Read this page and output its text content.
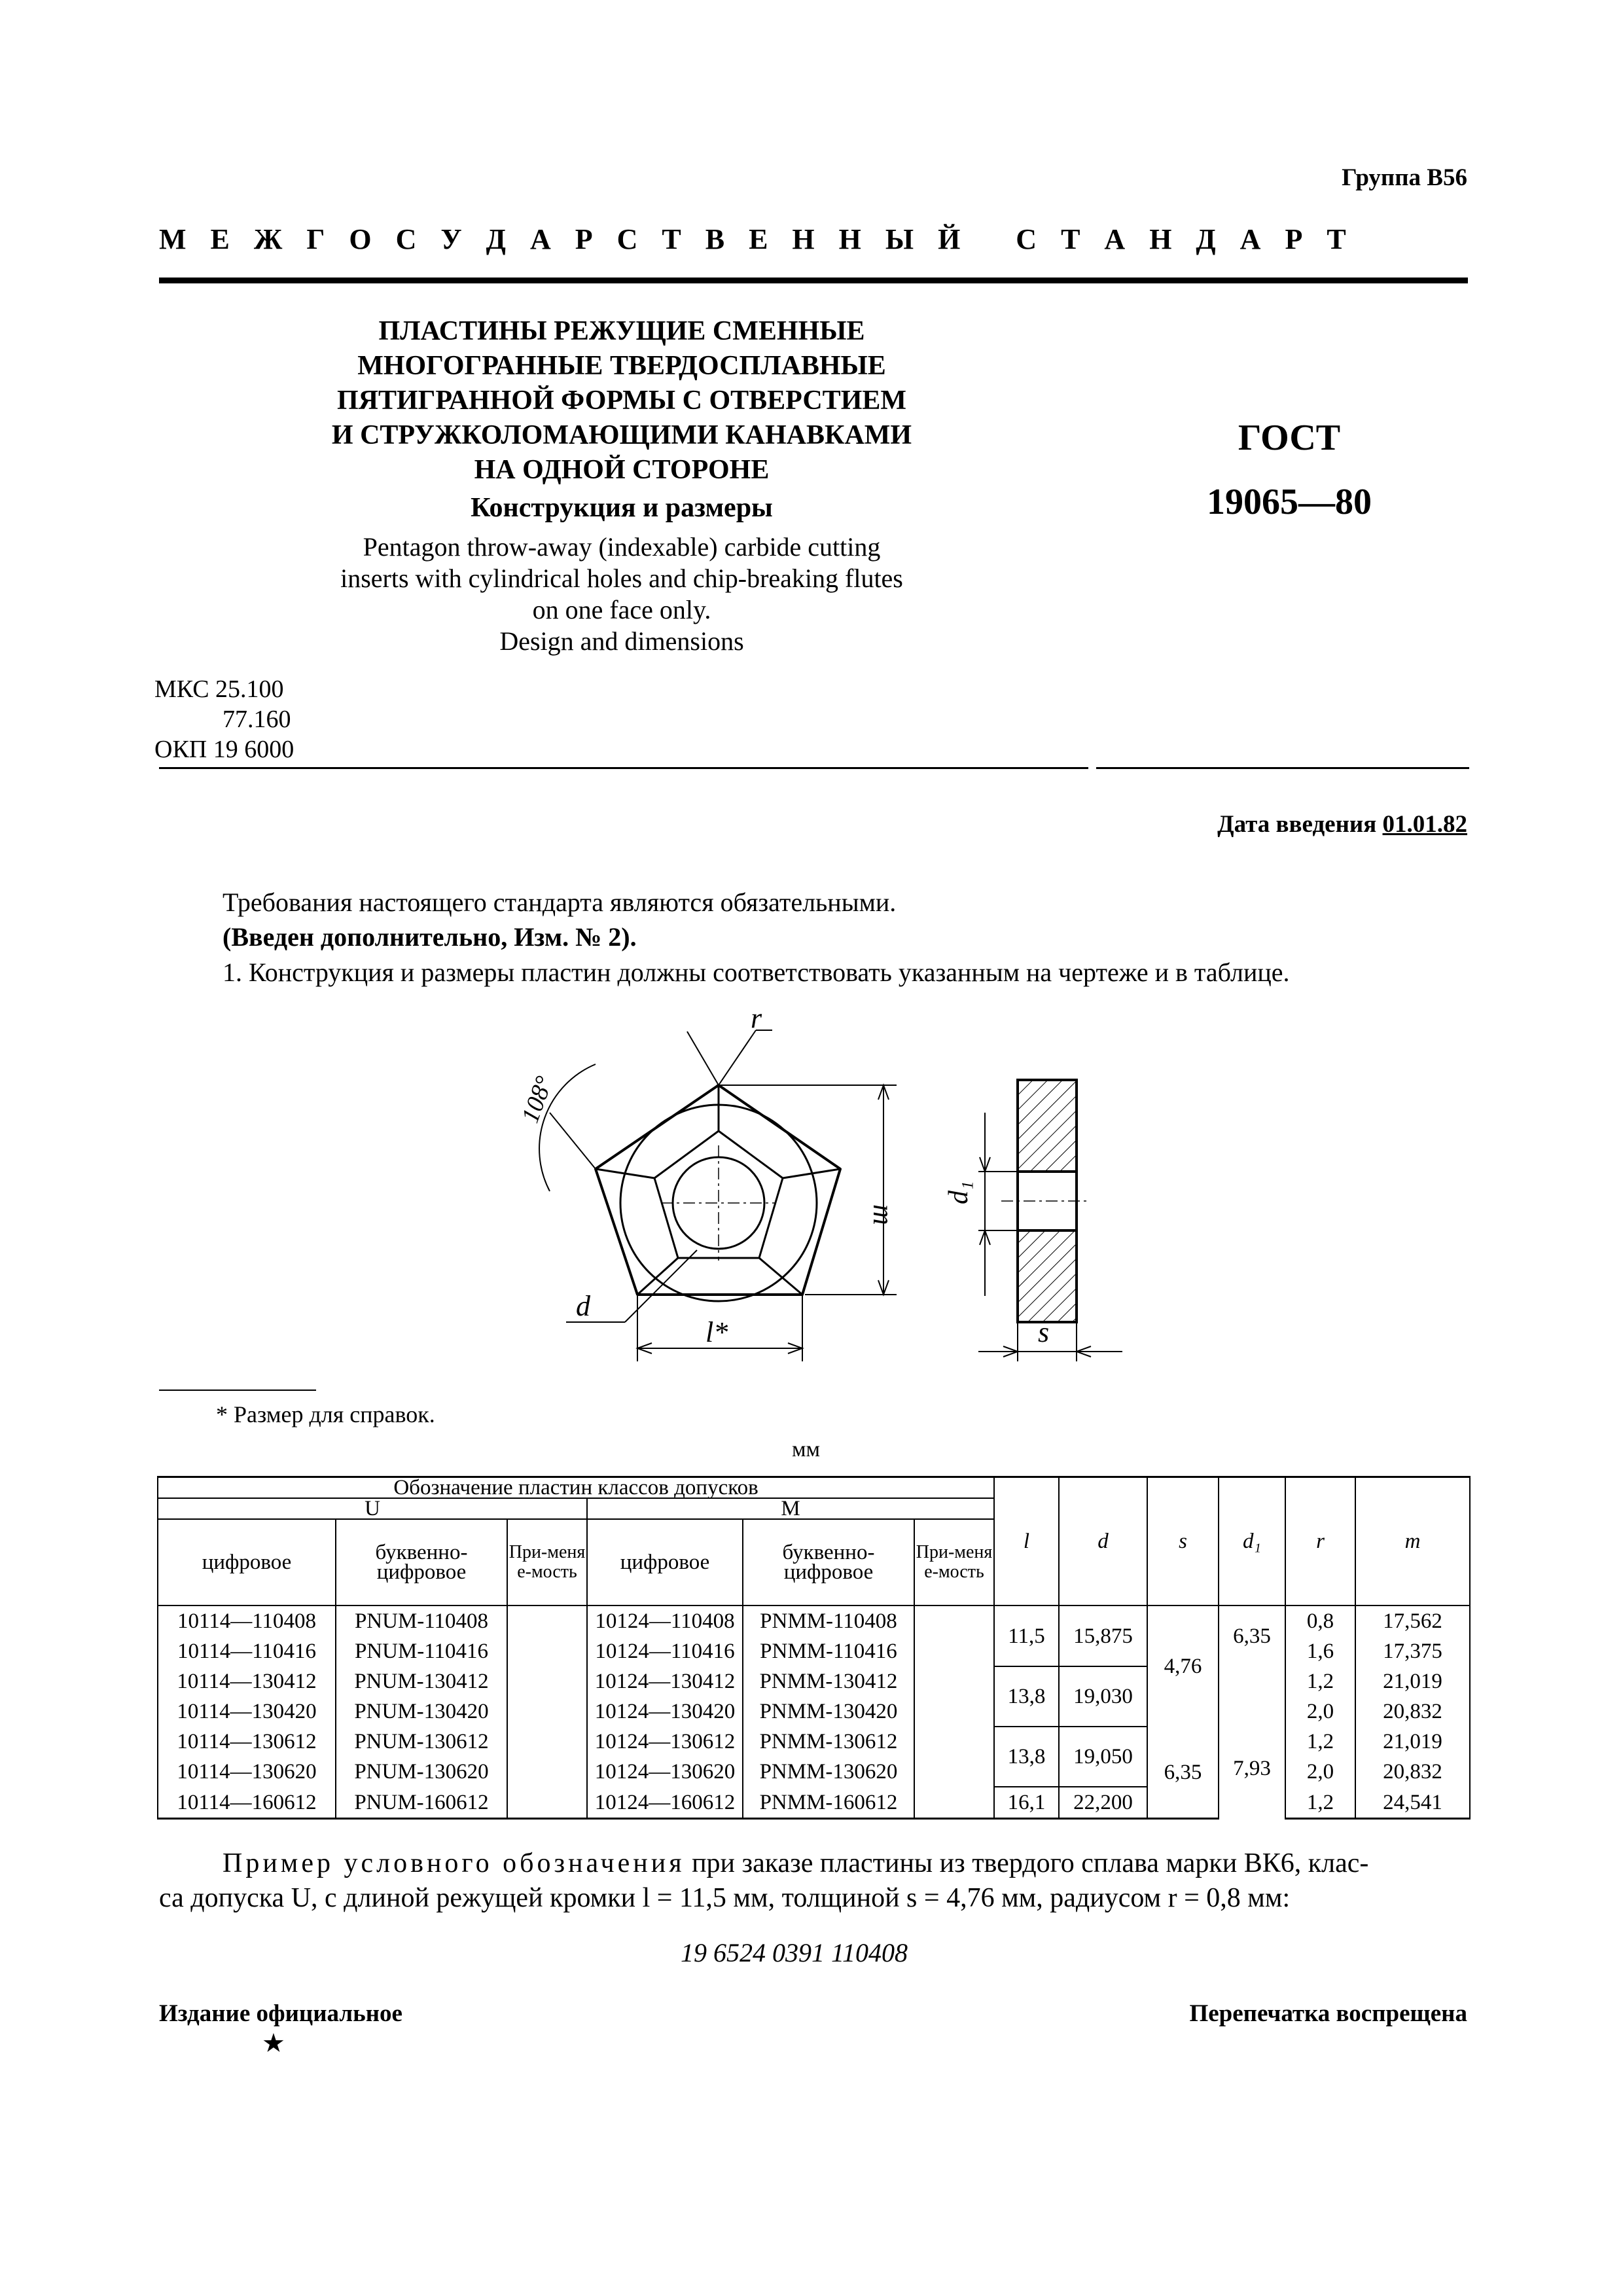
Группа В56
М Е Ж Г О С У Д А Р С Т В Е Н Н Ы Й   С Т А Н Д А Р Т
ПЛАСТИНЫ РЕЖУЩИЕ СМЕННЫЕ
МНОГОГРАННЫЕ ТВЕРДОСПЛАВНЫЕ
ПЯТИГРАННОЙ ФОРМЫ С ОТВЕРСТИЕМ
И СТРУЖКОЛОМАЮЩИМИ КАНАВКАМИ
НА ОДНОЙ СТОРОНЕ
Конструкция и размеры
Pentagon throw-away (indexable) carbide cutting
inserts with cylindrical holes and chip-breaking flutes
on one face only.
Design and dimensions
ГОСТ
19065—80
МКС 25.100
77.160
ОКП 19 6000
Дата введения 01.01.82
Требования настоящего стандарта являются обязательными.
(Введен дополнительно, Изм. № 2).
1. Конструкция и размеры пластин должны соответствовать указанным на чертеже и в таблице.
r
108°
m
d
l*
d₁
s
* Размер для справок.
мм
Обозначение пластин классов допусков						l	d	s	d₁	r	m
U			M								
цифровое	буквенно-цифровое	При-меняе-мость	цифровое	буквенно-цифровое	При-меняе-мость						
10114—110408	PNUM-110408		10124—110408	PNMM-110408		11,5	15,875	4,76	6,35	0,8	17,562
10114—110416	PNUM-110416		10124—110416	PNMM-110416						1,6	17,375
10114—130412	PNUM-130412		10124—130412	PNMM-130412		13,8	19,030		7,93	1,2	21,019
10114—130420	PNUM-130420		10124—130420	PNMM-130420						2,0	20,832
10114—130612	PNUM-130612		10124—130612	PNMM-130612		13,8	19,050	6,35		1,2	21,019
10114—130620	PNUM-130620		10124—130620	PNMM-130620						2,0	20,832
10114—160612	PNUM-160612		10124—160612	PNMM-160612		16,1	22,200			1,2	24,541
Пример условного обозначения при заказе пластины из твердого сплава марки ВК6, клас-
са допуска U, с длиной режущей кромки l = 11,5 мм, толщиной s = 4,76 мм, радиусом r = 0,8 мм:
19 6524 0391 110408
Издание официальное
★
Перепечатка воспрещена
